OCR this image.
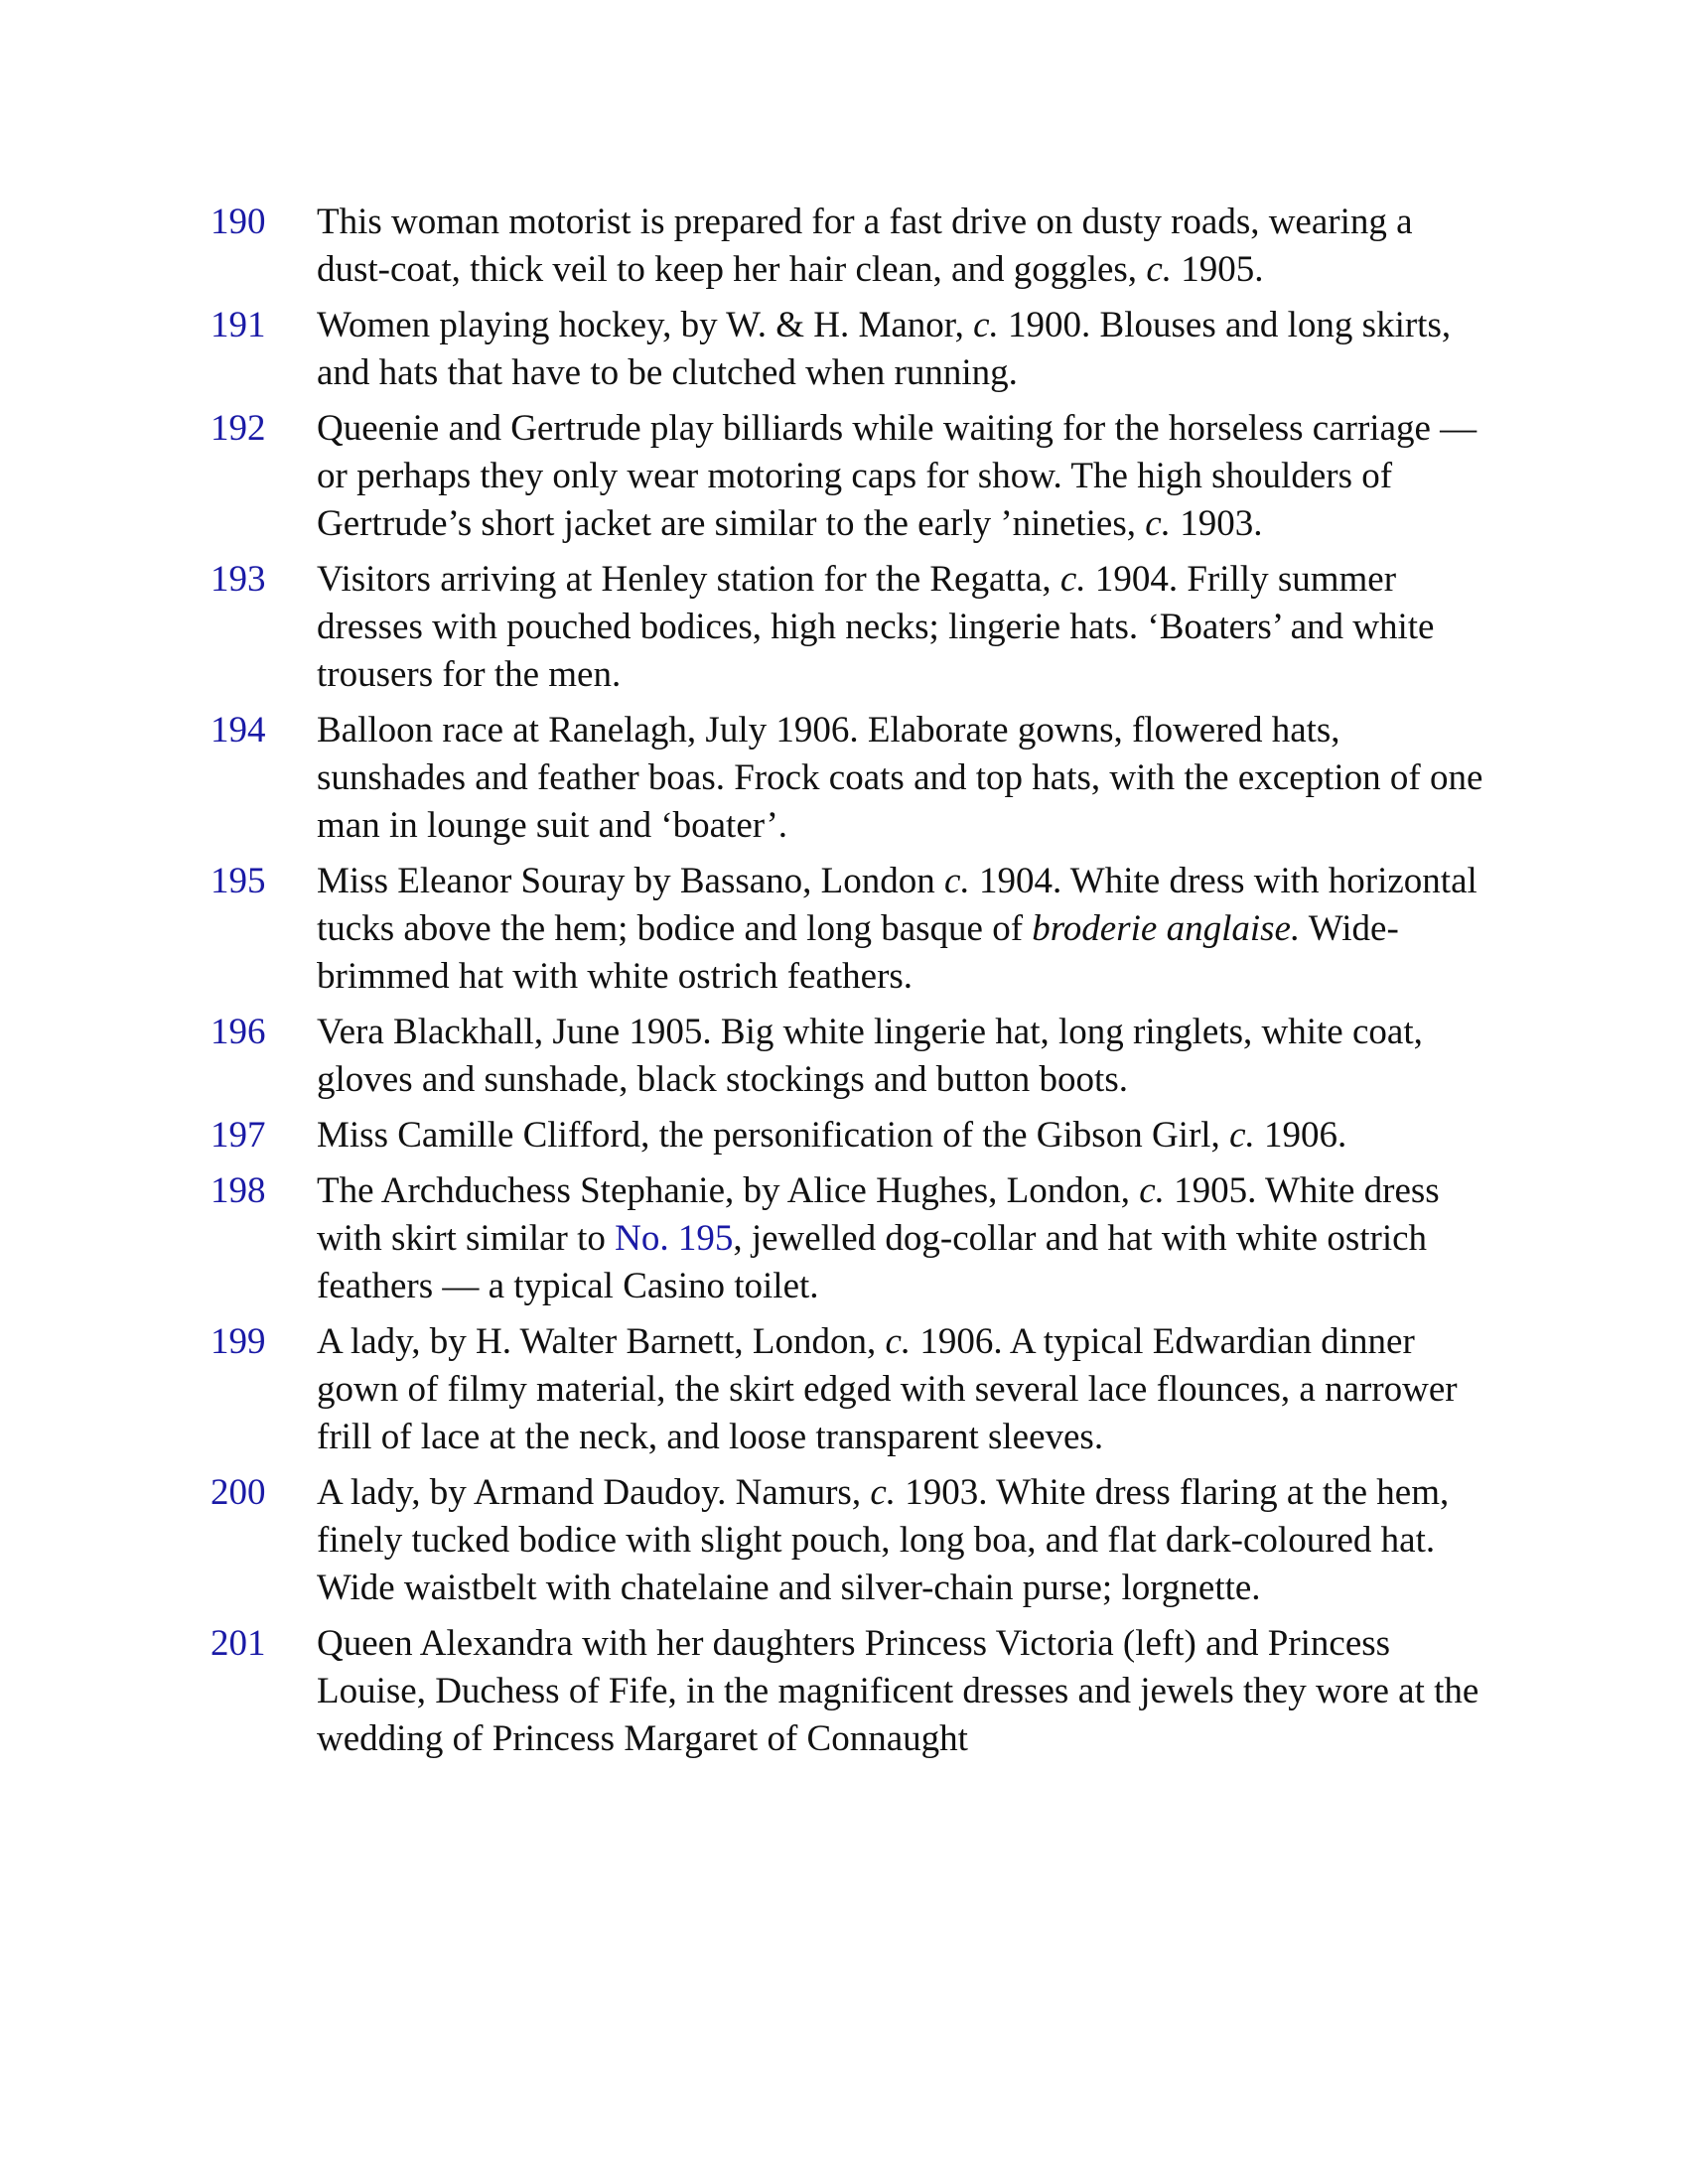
190 This woman motorist is prepared for a fast drive on dusty roads, wearing a dust-coat, thick veil to keep her hair clean, and goggles, c. 1905.
191 Women playing hockey, by W. & H. Manor, c. 1900. Blouses and long skirts, and hats that have to be clutched when running.
192 Queenie and Gertrude play billiards while waiting for the horseless carriage — or perhaps they only wear motoring caps for show. The high shoulders of Gertrude’s short jacket are similar to the early ’nineties, c. 1903.
193 Visitors arriving at Henley station for the Regatta, c. 1904. Frilly summer dresses with pouched bodices, high necks; lingerie hats. ‘Boaters’ and white trousers for the men.
194 Balloon race at Ranelagh, July 1906. Elaborate gowns, flowered hats, sunshades and feather boas. Frock coats and top hats, with the exception of one man in lounge suit and ‘boater’.
195 Miss Eleanor Souray by Bassano, London c. 1904. White dress with horizontal tucks above the hem; bodice and long basque of broderie anglaise. Wide-brimmed hat with white ostrich feathers.
196 Vera Blackhall, June 1905. Big white lingerie hat, long ringlets, white coat, gloves and sunshade, black stockings and button boots.
197 Miss Camille Clifford, the personification of the Gibson Girl, c. 1906.
198 The Archduchess Stephanie, by Alice Hughes, London, c. 1905. White dress with skirt similar to No. 195, jewelled dog-collar and hat with white ostrich feathers — a typical Casino toilet.
199 A lady, by H. Walter Barnett, London, c. 1906. A typical Edwardian dinner gown of filmy material, the skirt edged with several lace flounces, a narrower frill of lace at the neck, and loose transparent sleeves.
200 A lady, by Armand Daudoy. Namurs, c. 1903. White dress flaring at the hem, finely tucked bodice with slight pouch, long boa, and flat dark-coloured hat. Wide waistbelt with chatelaine and silver-chain purse; lorgnette.
201 Queen Alexandra with her daughters Princess Victoria (left) and Princess Louise, Duchess of Fife, in the magnificent dresses and jewels they wore at the wedding of Princess Margaret of Connaught
